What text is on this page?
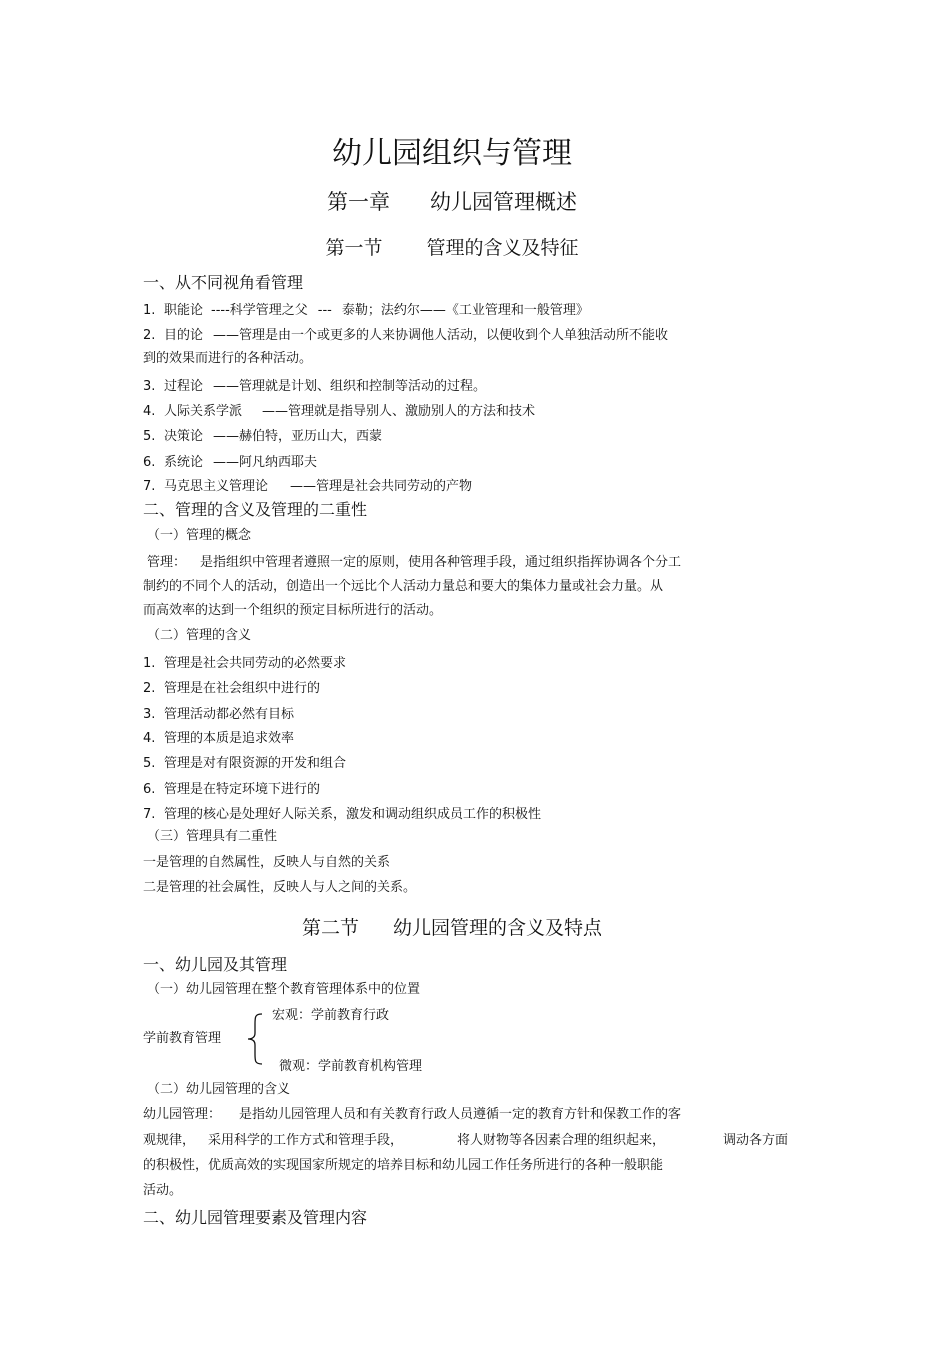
幼儿园组织与管理
第一章 幼儿园管理概述
第一节 管理的含义及特征
一、从不同视角看管理
1. 职能论 ----科学管理之父 --- 泰勒；法约尔——《工业管理和一般管理》
2. 目的论 ——管理是由一个或更多的人来协调他人活动，以便收到个人单独活动所不能收
到的效果而进行的各种活动。
3. 过程论 ——管理就是计划、组织和控制等活动的过程。
4. 人际关系学派 ——管理就是指导别人、激励别人的方法和技术
5. 决策论 ——赫伯特，亚历山大，西蒙
6. 系统论 ——阿凡纳西耶夫
7. 马克思主义管理论 ——管理是社会共同劳动的产物
二、管理的含义及管理的二重性
（一）管理的概念
管理： 是指组织中管理者遵照一定的原则，使用各种管理手段，通过组织指挥协调各个分工
制约的不同个人的活动，创造出一个远比个人活动力量总和要大的集体力量或社会力量。从
而高效率的达到一个组织的预定目标所进行的活动。
（二）管理的含义
1. 管理是社会共同劳动的必然要求
2. 管理是在社会组织中进行的
3. 管理活动都必然有目标
4. 管理的本质是追求效率
5. 管理是对有限资源的开发和组合
6. 管理是在特定环境下进行的
7. 管理的核心是处理好人际关系，激发和调动组织成员工作的积极性
（三）管理具有二重性
一是管理的自然属性，反映人与自然的关系
二是管理的社会属性，反映人与人之间的关系。
第二节 幼儿园管理的含义及特点
一、幼儿园及其管理
（一）幼儿园管理在整个教育管理体系中的位置
学前教育管理
宏观：学前教育行政
微观：学前教育机构管理
（二）幼儿园管理的含义
幼儿园管理： 是指幼儿园管理人员和有关教育行政人员遵循一定的教育方针和保教工作的客
观规律， 采用科学的工作方式和管理手段，	将人财物等各因素合理的组织起来，	调动各方面
的积极性，优质高效的实现国家所规定的培养目标和幼儿园工作任务所进行的各种一般职能
活动。
二、幼儿园管理要素及管理内容
